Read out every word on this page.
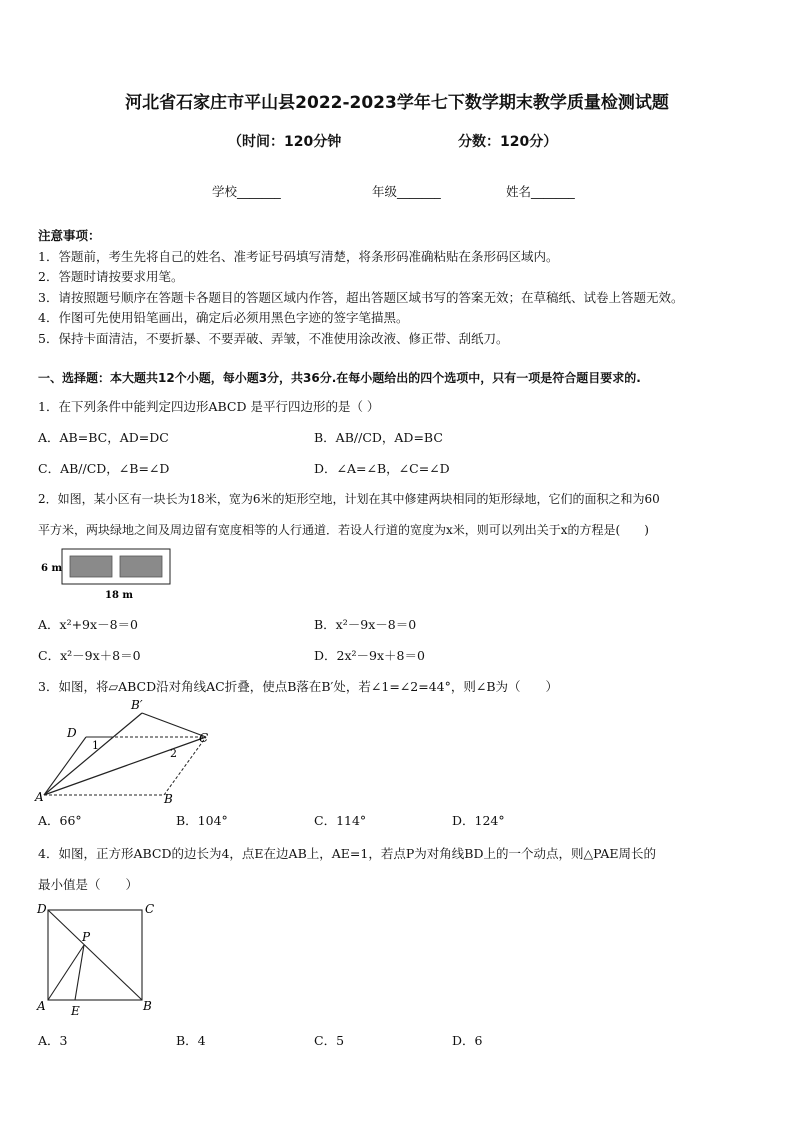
河北省石家庄市平山县2022-2023学年七下数学期末教学质量检测试题
（时间：120分钟	分数：120分）
学校_______	年级_______	姓名_______
注意事项：
1．答题前，考生先将自己的姓名、准考证号码填写清楚，将条形码准确粘贴在条形码区域内。
2．答题时请按要求用笔。
3．请按照题号顺序在答题卡各题目的答题区域内作答，超出答题区域书写的答案无效；在草稿纸、试卷上答题无效。
4．作图可先使用铅笔画出，确定后必须用黑色字迹的签字笔描黑。
5．保持卡面清洁，不要折暴、不要弄破、弄皱，不准使用涂改液、修正带、刮纸刀。
一、选择题：本大题共12个小题，每小题3分，共36分.在每小题给出的四个选项中，只有一项是符合题目要求的.
1．在下列条件中能判定四边形ABCD 是平行四边形的是（ ）
A．AB=BC，AD=DC	B．AB//CD，AD=BC
C．AB//CD，∠B=∠D	D．∠A=∠B，∠C=∠D
2．如图，某小区有一块长为18米，宽为6米的矩形空地，计划在其中修建两块相同的矩形绿地，它们的面积之和为60
平方米，两块绿地之间及周边留有宽度相等的人行通道．若设人行道的宽度为x米，则可以列出关于x的方程是(　　)
6 m
18 m
A．x²+9x－8＝0	B．x²－9x－8＝0
C．x²－9x＋8＝0	D．2x²－9x＋8＝0
3．如图，将▱ABCD沿对角线AC折叠，使点B落在B′处，若∠1=∠2=44°，则∠B为（　　）
A	B
C
D
B′
1
2
A．66°	B．104°	C．114°	D．124°
4．如图，正方形ABCD的边长为4，点E在边AB上，AE=1，若点P为对角线BD上的一个动点，则△PAE周长的
最小值是（　　）
A	B
C
D
E
P
A．3	B．4	C．5	D．6
